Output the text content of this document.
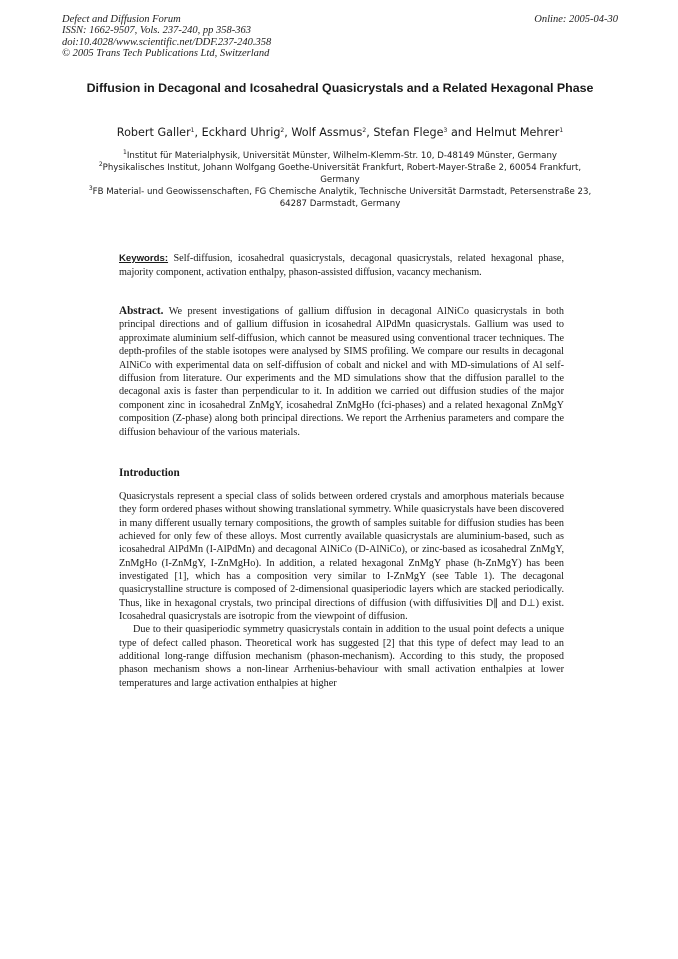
Defect and Diffusion Forum
ISSN: 1662-9507, Vols. 237-240, pp 358-363
doi:10.4028/www.scientific.net/DDF.237-240.358
© 2005 Trans Tech Publications Ltd, Switzerland
Online: 2005-04-30
Diffusion in Decagonal and Icosahedral Quasicrystals and a Related Hexagonal Phase
Robert Galler$^1$, Eckhard Uhrig$^2$, Wolf Assmus$^2$, Stefan Flege$^3$ and Helmut Mehrer$^1$
$^1$Institut für Materialphysik, Universität Münster, Wilhelm-Klemm-Str. 10, D-48149 Münster, Germany
$^2$Physikalisches Institut, Johann Wolfgang Goethe-Universität Frankfurt, Robert-Mayer-Straße 2, 60054 Frankfurt, Germany
$^3$FB Material- und Geowissenschaften, FG Chemische Analytik, Technische Universität Darmstadt, Petersenstraße 23, 64287 Darmstadt, Germany
Keywords: Self-diffusion, icosahedral quasicrystals, decagonal quasicrystals, related hexagonal phase, majority component, activation enthalpy, phason-assisted diffusion, vacancy mechanism.
Abstract. We present investigations of gallium diffusion in decagonal AlNiCo quasicrystals in both principal directions and of gallium diffusion in icosahedral AlPdMn quasicrystals. Gallium was used to approximate aluminium self-diffusion, which cannot be measured using conventional tracer techniques. The depth-profiles of the stable isotopes were analysed by SIMS profiling. We compare our results in decagonal AlNiCo with experimental data on self-diffusion of cobalt and nickel and with MD-simulations of Al self-diffusion from literature. Our experiments and the MD simulations show that the diffusion parallel to the decagonal axis is faster than perpendicular to it. In addition we carried out diffusion studies of the major component zinc in icosahedral ZnMgY, icosahedral ZnMgHo (fci-phases) and a related hexagonal ZnMgY composition (Z-phase) along both principal directions. We report the Arrhenius parameters and compare the diffusion behaviour of the various materials.
Introduction

Quasicrystals represent a special class of solids between ordered crystals and amorphous materials because they form ordered phases without showing translational symmetry. While quasicrystals have been discovered in many different usually ternary compositions, the growth of samples suitable for diffusion studies has been achieved for only few of these alloys. Most currently available quasicrystals are aluminium-based, such as icosahedral AlPdMn (I-AlPdMn) and decagonal AlNiCo (D-AlNiCo), or zinc-based as icosahedral ZnMgY, ZnMgHo (I-ZnMgY, I-ZnMgHo). In addition, a related hexagonal ZnMgY phase (h-ZnMgY) has been investigated [1], which has a composition very similar to I-ZnMgY (see Table 1). The decagonal quasicrystalline structure is composed of 2-dimensional quasiperiodic layers which are stacked periodically. Thus, like in hexagonal crystals, two principal directions of diffusion (with diffusivities D∥ and D⊥) exist. Icosahedral quasicrystals are isotropic from the viewpoint of diffusion.

Due to their quasiperiodic symmetry quasicrystals contain in addition to the usual point defects a unique type of defect called phason. Theoretical work has suggested [2] that this type of defect may lead to an additional long-range diffusion mechanism (phason-mechanism). According to this study, the proposed phason mechanism shows a non-linear Arrhenius-behaviour with small activation enthalpies at lower temperatures and large activation enthalpies at higher
